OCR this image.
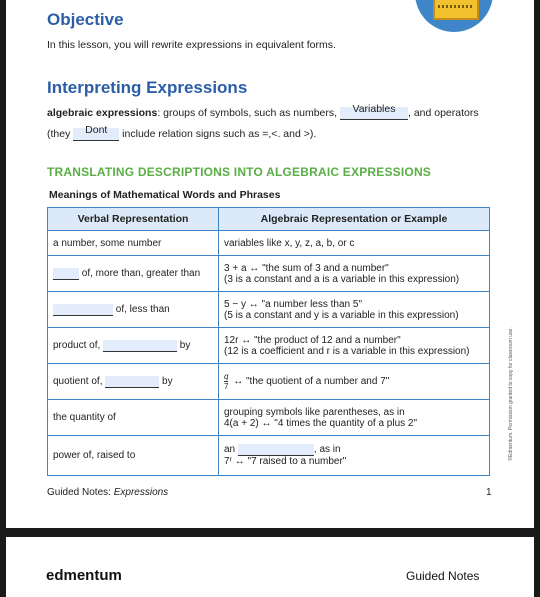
Objective
In this lesson, you will rewrite expressions in equivalent forms.
Interpreting Expressions
algebraic expressions: groups of symbols, such as numbers,	Variables	, and operators
(they	Dont	include relation signs such as =,<. and >).
TRANSLATING DESCRIPTIONS INTO ALGEBRAIC EXPRESSIONS
Meanings of Mathematical Words and Phrases
Verbal Representation	Algebraic Representation or Example
a number, some number	variables like x, y, z, a, b, or c
of, more than, greater than	3 + a ↔ "the sum of 3 and a number"
(3 is a constant and a is a variable in this expression)

of, less than	5 − y ↔ "a number less than 5"
(5 is a constant and y is a variable in this expression)

product of, by	12r ↔ "the product of 12 and a number"
(12 is a coefficient and r is a variable in this expression)

quotient of, by	$\frac{q}{7}$ ↔ "the quotient of a number and 7"
the quantity of	grouping symbols like parentheses, as in
4(a + 2) ↔ "4 times the quantity of a plus 2"

power of, raised to	an , as in
7ʳ ↔ "7 raised to a number"
©Edmentum. Permission granted to copy for classroom use.
Guided Notes: Expressions	1
edmentum	Guided Notes
